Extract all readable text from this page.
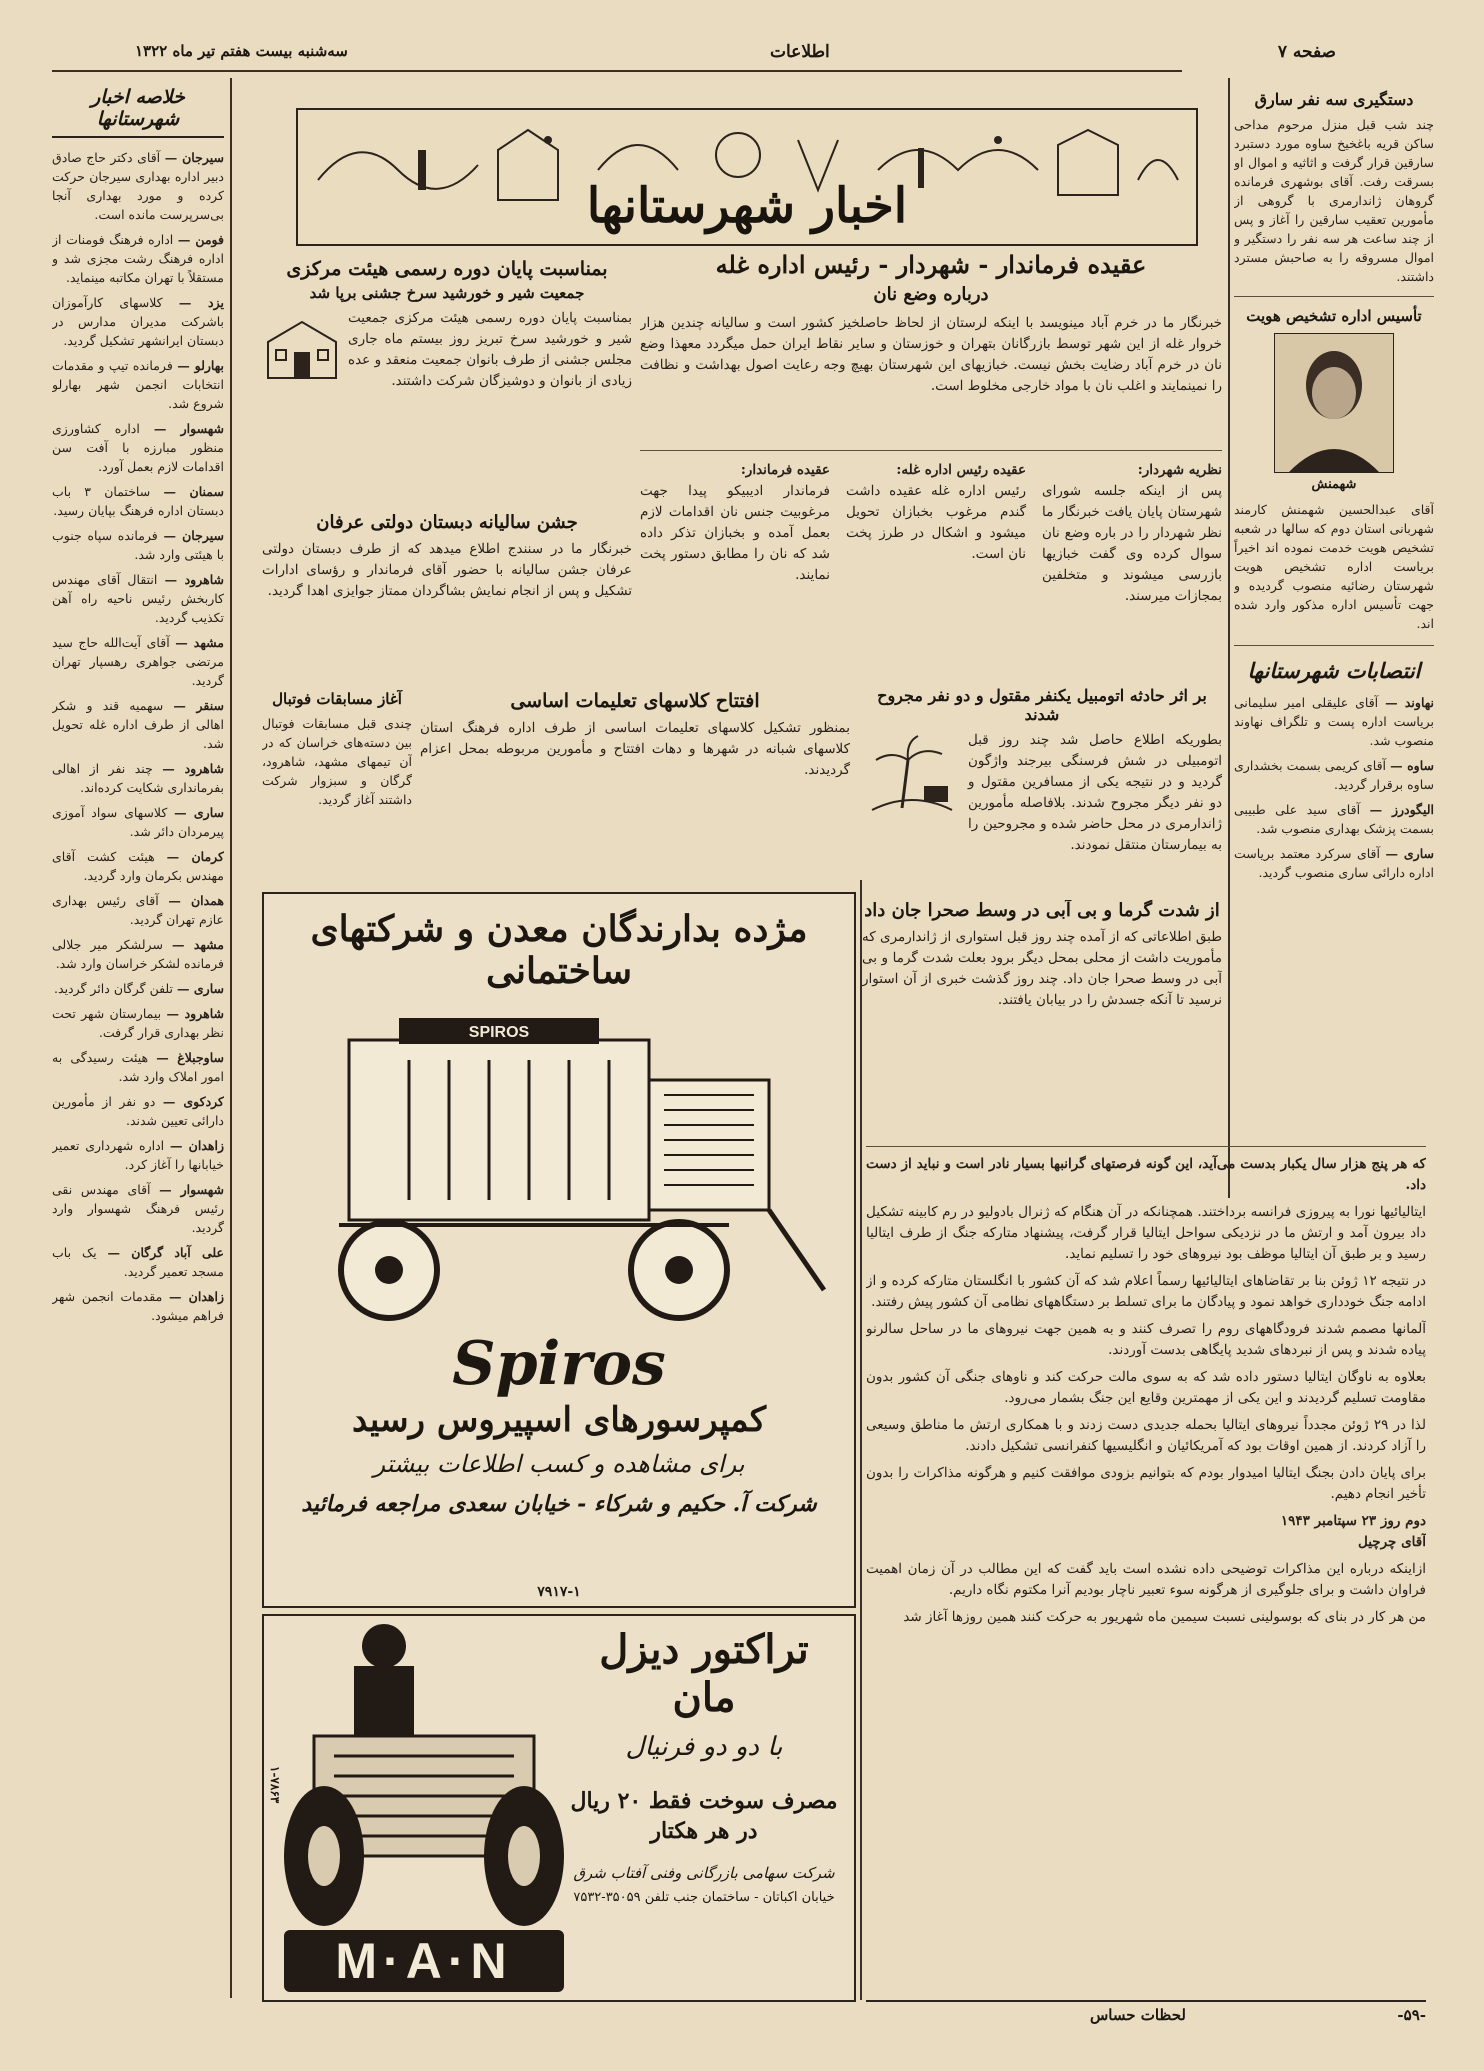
صفحه ۷
اطلاعات
سه‌شنبه بیست هفتم تیر ماه ۱۳۲۲
خلاصه اخبار شهرستانها
سیرجان — آقای دکتر حاج صادق دبیر اداره بهداری سیرجان حرکت کرده و مورد بهداری آنجا بی‌سرپرست مانده است.
فومن — اداره فرهنگ فومنات از اداره فرهنگ رشت مجزی شد و مستقلاً با تهران مکاتبه مینماید.
یزد — کلاسهای کارآموزان باشرکت مدیران مدارس در دبستان ایرانشهر تشکیل گردید.
بهارلو — فرمانده تیپ و مقدمات انتخابات انجمن شهر بهارلو شروع شد.
شهسوار — اداره کشاورزی منظور مبارزه با آفت سن اقدامات لازم بعمل آورد.
سمنان — ساختمان ۳ باب دبستان اداره فرهنگ بپایان رسید.
سیرجان — فرمانده سپاه جنوب با هیئتی وارد شد.
شاهرود — انتقال آقای مهندس کاربخش رئیس ناحیه راه آهن تکذیب گردید.
مشهد — آقای آیت‌الله حاج سید مرتضی جواهری رهسپار تهران گردید.
سنقر — سهمیه قند و شکر اهالی از طرف اداره غله تحویل شد.
شاهرود — چند نفر از اهالی بفرمانداری شکایت کرده‌اند.
ساری — کلاسهای سواد آموزی پیرمردان دائر شد.
کرمان — هیئت کشت آقای مهندس بکرمان وارد گردید.
همدان — آقای رئیس بهداری عازم تهران گردید.
مشهد — سرلشکر میر جلالی فرمانده لشکر خراسان وارد شد.
ساری — تلفن گرگان دائر گردید.
شاهرود — بیمارستان شهر تحت نظر بهداری قرار گرفت.
ساوجبلاغ — هیئت رسیدگی به امور املاک وارد شد.
کردکوی — دو نفر از مأمورین دارائی تعیین شدند.
زاهدان — اداره شهرداری تعمیر خیابانها را آغاز کرد.
شهسوار — آقای مهندس نقی رئیس فرهنگ شهسوار وارد گردید.
علی آباد گرگان — یک باب مسجد تعمیر گردید.
زاهدان — مقدمات انجمن شهر فراهم میشود.
اخبار شهرستانها
عقیده فرماندار - شهردار - رئیس اداره غله
درباره وضع نان
خبرنگار ما در خرم آباد مینویسد با اینکه لرستان از لحاظ حاصلخیز کشور است و سالیانه چندین هزار خروار غله از این شهر توسط بازرگانان بتهران و خوزستان و سایر نقاط ایران حمل میگردد معهذا وضع نان در خرم آباد رضایت بخش نیست. خبازیهای این شهرستان بهیچ وجه رعایت اصول بهداشت و نظافت را نمینمایند و اغلب نان با مواد خارجی مخلوط است.
نظریه شهردار:
پس از اینکه جلسه شورای شهرستان پایان یافت خبرنگار ما نظر شهردار را در باره وضع نان سوال کرده وی گفت خبازیها بازرسی میشوند و متخلفین بمجازات میرسند.
عقیده رئیس اداره غله:
رئیس اداره غله عقیده داشت گندم مرغوب بخبازان تحویل میشود و اشکال در طرز پخت نان است.
عقیده فرماندار:
فرماندار ادیبیکو پیدا جهت مرغوبیت جنس نان اقدامات لازم بعمل آمده و بخبازان تذکر داده شد که نان را مطابق دستور پخت نمایند.
بمناسبت پایان دوره رسمی هیئت مرکزی
جمعیت شیر و خورشید سرخ جشنی برپا شد
بمناسبت پایان دوره رسمی هیئت مرکزی جمعیت شیر و خورشید سرخ تبریز روز بیستم ماه جاری مجلس جشنی از طرف بانوان جمعیت منعقد و عده زیادی از بانوان و دوشیزگان شرکت داشتند.
جشن سالیانه دبستان دولتی عرفان
خبرنگار ما در سنندج اطلاع میدهد که از طرف دبستان دولتی عرفان جشن سالیانه با حضور آقای فرماندار و رؤسای ادارات تشکیل و پس از انجام نمایش بشاگردان ممتاز جوایزی اهدا گردید.
افتتاح کلاسهای تعلیمات اساسی
بمنظور تشکیل کلاسهای تعلیمات اساسی از طرف اداره فرهنگ استان کلاسهای شبانه در شهرها و دهات افتتاح و مأمورین مربوطه بمحل اعزام گردیدند.
آغاز مسابقات فوتبال
چندی قبل مسابقات فوتبال بین دسته‌های خراسان که در آن تیمهای مشهد، شاهرود، گرگان و سبزوار شرکت داشتند آغاز گردید.
بر اثر حادثه اتومبیل یکنفر مقتول و دو نفر مجروح شدند
بطوریکه اطلاع حاصل شد چند روز قبل اتومبیلی در شش فرسنگی بیرجند واژگون گردید و در نتیجه یکی از مسافرین مقتول و دو نفر دیگر مجروح شدند. بلافاصله مأمورین ژاندارمری در محل حاضر شده و مجروحین را به بیمارستان منتقل نمودند.
از شدت گرما و بی آبی در وسط صحرا جان داد
طبق اطلاعاتی که از آمده چند روز قبل استواری از ژاندارمری که مأموریت داشت از محلی بمحل دیگر برود بعلت شدت گرما و بی آبی در وسط صحرا جان داد. چند روز گذشت خبری از آن استوار نرسید تا آنکه جسدش را در بیابان یافتند.
دستگیری سه نفر سارق
چند شب قبل منزل مرحوم مداحی ساکن قریه باغخیخ ساوه مورد دستبرد سارقین قرار گرفت و اثاثیه و اموال او بسرقت رفت. آقای بوشهری فرمانده گروهان ژاندارمری با گروهی از مأمورین تعقیب سارقین را آغاز و پس از چند ساعت هر سه نفر را دستگیر و اموال مسروقه را به صاحبش مسترد داشتند.
تأسیس اداره تشخیص هویت
شهمنش
آقای عبدالحسین شهمنش کارمند شهربانی استان دوم که سالها در شعبه تشخیص هویت خدمت نموده اند اخیراً بریاست اداره تشخیص هویت شهرستان رضائیه منصوب گردیده و جهت تأسیس اداره مذکور وارد شده اند.
انتصابات شهرستانها
نهاوند — آقای علیقلی امیر سلیمانی بریاست اداره پست و تلگراف نهاوند منصوب شد.
ساوه — آقای کریمی بسمت بخشداری ساوه برقرار گردید.
الیگودرز — آقای سید علی طبیبی بسمت پزشک بهداری منصوب شد.
ساری — آقای سرکرد معتمد بریاست اداره دارائی ساری منصوب گردید.
مژده بدارندگان معدن و شرکتهای ساختمانی
SPIROS
Spiros
کمپرسورهای اسپیروس رسید
برای مشاهده و کسب اطلاعات بیشتر
شرکت آ. حکیم و شرکاء - خیابان سعدی مراجعه فرمائید
۷۹۱۷-۱
M·A·N
۱-۷۸۶۳
تراکتور دیزل مان
با دو دو فرنیال
مصرف سوخت فقط ۲۰ ریال
در هر هکتار
شرکت سهامی بازرگانی وفنی آفتاب شرق
خیابان اکباتان - ساختمان جنب تلفن ۳۵۰۵۹-۷۵۳۲
که هر پنج هزار سال یکبار بدست می‌آید، این گونه فرصتهای گرانبها بسیار نادر است و نباید از دست داد.
ایتالیائیها نورا به پیروزی فرانسه برداختند. همچنانکه در آن هنگام که ژنرال بادولیو در رم کابینه تشکیل داد بیرون آمد و ارتش ما در نزدیکی سواحل ایتالیا قرار گرفت، پیشنهاد متارکه جنگ از طرف ایتالیا رسید و بر طبق آن ایتالیا موظف بود نیروهای خود را تسلیم نماید.
در نتیجه ۱۲ ژوئن بنا بر تقاضاهای ایتالیائیها رسماً اعلام شد که آن کشور با انگلستان متارکه کرده و از ادامه جنگ خودداری خواهد نمود و پیادگان ما برای تسلط بر دستگاههای نظامی آن کشور پیش رفتند.
آلمانها مصمم شدند فرودگاههای روم را تصرف کنند و به همین جهت نیروهای ما در ساحل سالرنو پیاده شدند و پس از نبردهای شدید پایگاهی بدست آوردند.
بعلاوه به ناوگان ایتالیا دستور داده شد که به سوی مالت حرکت کند و ناوهای جنگی آن کشور بدون مقاومت تسلیم گردیدند و این یکی از مهمترین وقایع این جنگ بشمار می‌رود.
لذا در ۲۹ ژوئن مجدداً نیروهای ایتالیا بحمله جدیدی دست زدند و با همکاری ارتش ما مناطق وسیعی را آزاد کردند. از همین اوقات بود که آمریکائیان و انگلیسیها کنفرانسی تشکیل دادند.
برای پایان دادن بجنگ ایتالیا امیدوار بودم که بتوانیم بزودی موافقت کنیم و هرگونه مذاکرات را بدون تأخیر انجام دهیم.
دوم روز ۲۳ سپتامبر ۱۹۴۳
آقای چرچیل
ازاینکه درباره این مذاکرات توضیحی داده نشده است باید گفت که این مطالب در آن زمان اهمیت فراوان داشت و برای جلوگیری از هرگونه سوء تعبیر ناچار بودیم آنرا مکتوم نگاه داریم.
من هر کار در بنای که بوسولینی نسبت سیمین ماه شهریور به حرکت کنند همین روزها آغاز شد
لحظات حساس	-۵۹-
